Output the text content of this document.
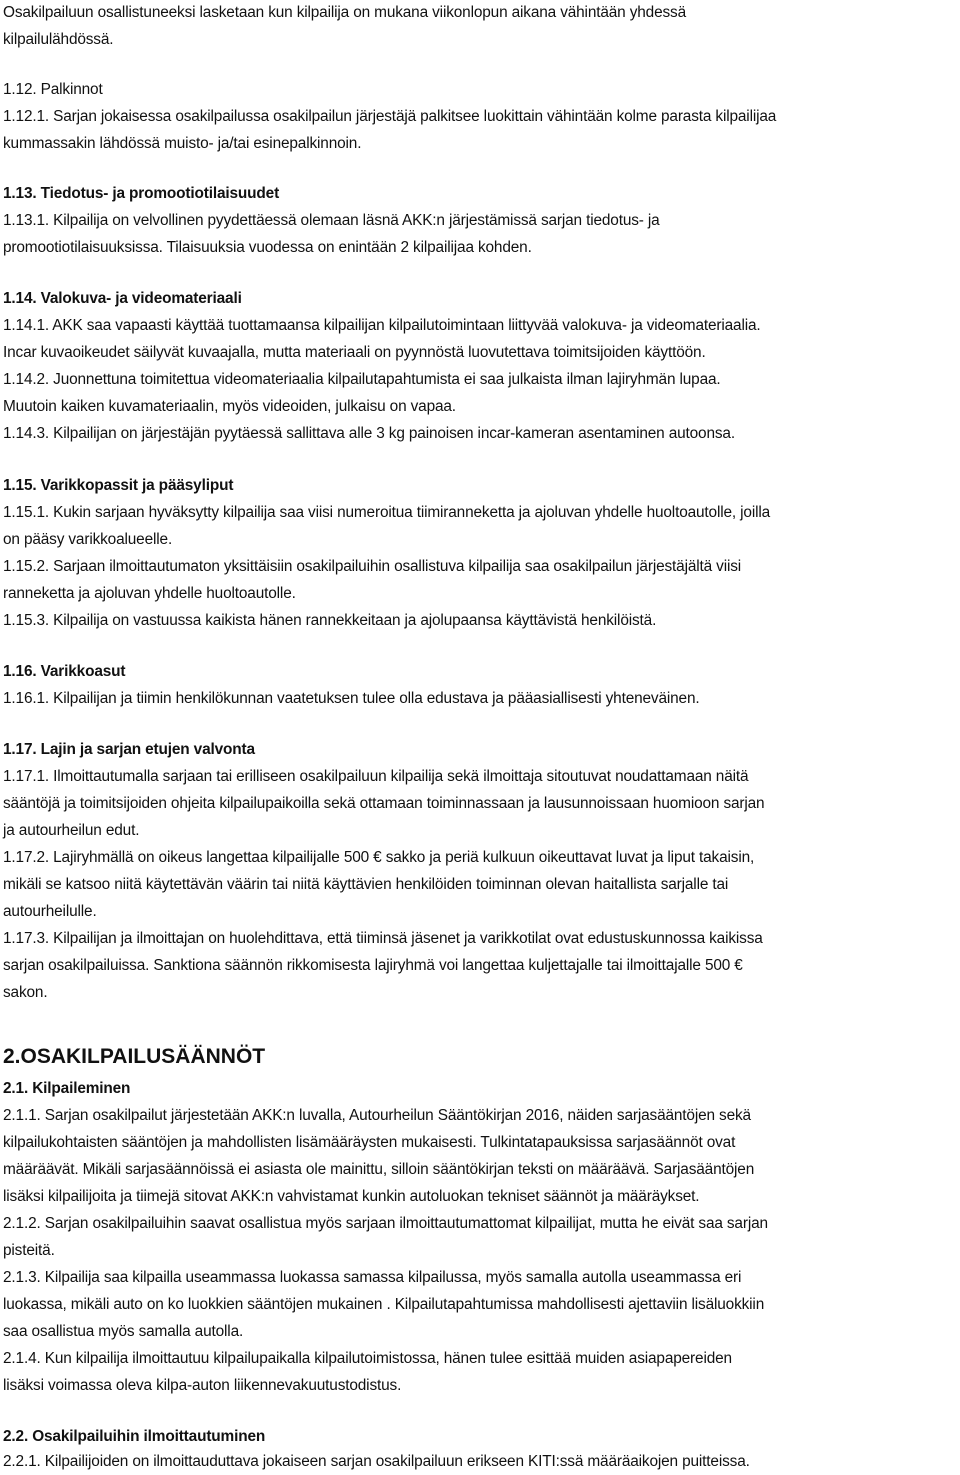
Osakilpailuun osallistuneeksi lasketaan kun kilpailija on mukana viikonlopun aikana vähintään yhdessä

kilpailulähdössä.

1.12. Palkinnot

1.12.1. Sarjan jokaisessa osakilpailussa osakilpailun järjestäjä palkitsee luokittain vähintään kolme parasta kilpailijaa

kummassakin lähdössä muisto- ja/tai esinepalkinnoin.

1.13. Tiedotus- ja promootiotilaisuudet

1.13.1. Kilpailija on velvollinen pyydettäessä olemaan läsnä AKK:n järjestämissä sarjan tiedotus- ja

promootiotilaisuuksissa. Tilaisuuksia vuodessa on enintään 2 kilpailijaa kohden.

1.14. Valokuva- ja videomateriaali

1.14.1. AKK saa vapaasti käyttää tuottamaansa kilpailijan kilpailutoimintaan liittyvää valokuva- ja videomateriaalia.

Incar kuvaoikeudet säilyvät kuvaajalla, mutta materiaali on pyynnöstä luovutettava toimitsijoiden käyttöön.

1.14.2. Juonnettuna toimitettua videomateriaalia kilpailutapahtumista ei saa julkaista ilman lajiryhmän lupaa.

Muutoin kaiken kuvamateriaalin, myös videoiden, julkaisu on vapaa.

1.14.3. Kilpailijan on järjestäjän pyytäessä sallittava alle 3 kg painoisen incar-kameran asentaminen autoonsa.

1.15. Varikkopassit ja pääsyliput

1.15.1. Kukin sarjaan hyväksytty kilpailija saa viisi numeroitua tiimiranneketta ja ajoluvan yhdelle huoltoautolle, joilla

on pääsy varikkoalueelle.

1.15.2. Sarjaan ilmoittautumaton yksittäisiin osakilpailuihin osallistuva kilpailija saa osakilpailun järjestäjältä viisi

ranneketta ja ajoluvan yhdelle huoltoautolle.

1.15.3. Kilpailija on vastuussa kaikista hänen rannekkeitaan ja ajolupaansa käyttävistä henkilöistä.

1.16. Varikkoasut

1.16.1. Kilpailijan ja tiimin henkilökunnan vaatetuksen tulee olla edustava ja pääasiallisesti yhteneväinen.

1.17. Lajin ja sarjan etujen valvonta

1.17.1. Ilmoittautumalla sarjaan tai erilliseen osakilpailuun kilpailija sekä ilmoittaja sitoutuvat noudattamaan näitä

sääntöjä ja toimitsijoiden ohjeita kilpailupaikoilla sekä ottamaan toiminnassaan ja lausunnoissaan huomioon sarjan

ja autourheilun edut.

1.17.2. Lajiryhmällä on oikeus langettaa kilpailijalle 500 € sakko ja periä kulkuun oikeuttavat luvat ja liput takaisin,

mikäli se katsoo niitä käytettävän väärin tai niitä käyttävien henkilöiden toiminnan olevan haitallista sarjalle tai

autourheilulle.

1.17.3. Kilpailijan ja ilmoittajan on huolehdittava, että tiiminsä jäsenet ja varikkotilat ovat edustuskunnossa kaikissa

sarjan osakilpailuissa. Sanktiona säännön rikkomisesta lajiryhmä voi langettaa kuljettajalle tai ilmoittajalle 500 €

sakon.

2.OSAKILPAILUSÄÄNNÖT

2.1. Kilpaileminen

2.1.1. Sarjan osakilpailut järjestetään AKK:n luvalla, Autourheilun Sääntökirjan 2016, näiden sarjasääntöjen sekä

kilpailukohtaisten sääntöjen ja mahdollisten lisämääräysten mukaisesti. Tulkintatapauksissa sarjasäännöt ovat

määräävät. Mikäli sarjasäännöissä ei asiasta ole mainittu, silloin sääntökirjan teksti on määräävä. Sarjasääntöjen

lisäksi kilpailijoita ja tiimejä sitovat AKK:n vahvistamat kunkin autoluokan tekniset säännöt ja määräykset.

2.1.2. Sarjan osakilpailuihin saavat osallistua myös sarjaan ilmoittautumattomat kilpailijat, mutta he eivät saa sarjan

pisteitä.

2.1.3. Kilpailija saa kilpailla useammassa luokassa samassa kilpailussa, myös samalla autolla useammassa eri

luokassa, mikäli auto on ko luokkien sääntöjen mukainen . Kilpailutapahtumissa mahdollisesti ajettaviin lisäluokkiin

saa osallistua myös samalla autolla.

2.1.4. Kun kilpailija ilmoittautuu kilpailupaikalla kilpailutoimistossa, hänen tulee esittää muiden asiapapereiden

lisäksi voimassa oleva kilpa-auton liikennevakuutustodistus.

2.2. Osakilpailuihin ilmoittautuminen

2.2.1. Kilpailijoiden on ilmoittauduttava jokaiseen sarjan osakilpailuun erikseen KITI:ssä määräaikojen puitteissa.
